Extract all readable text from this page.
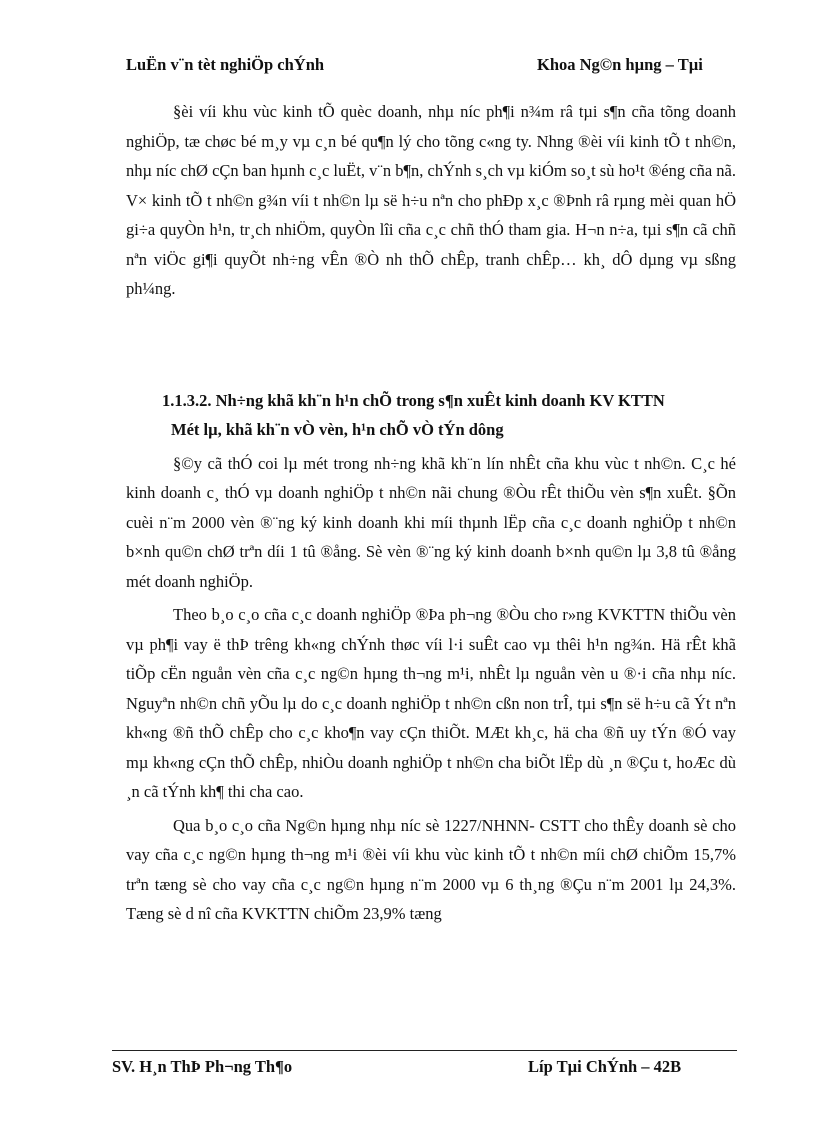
LuËn v¨n tèt nghiÖp chÝnh	Khoa Ng©n hµng – Tµi

§èi víi khu vùc kinh tÕ quèc doanh, nhµ níc ph¶i n¾m râ tµi s¶n cña tõng doanh nghiÖp, tæ chøc bé m¸y vµ c¸n bé qu¶n lý cho tõng c«ng ty. Nhng ®èi víi kinh tÕ t nh©n, nhµ níc chØ cÇn ban hµnh c¸c luËt, v¨n b¶n, chÝnh s¸ch vµ kiÓm so¸t sù ho¹t ®éng cña nã. V× kinh tÕ t nh©n g¾n víi t nh©n lµ së h÷u nªn cho phÐp x¸c ®Þnh râ rµng mèi quan hÖ gi÷a quyÒn h¹n, tr¸ch nhiÖm, quyÒn lîi cña c¸c chñ thÓ tham gia. H¬n n÷a, tµi s¶n cã chñ nªn viÖc gi¶i quyÕt nh÷ng vÊn ®Ò nh thÕ chÊp, tranh chÊp… kh¸ dÔ dµng vµ sßng ph¼ng.

1.1.3.2. Nh÷ng khã kh¨n h¹n chÕ trong s¶n xuÊt kinh doanh KV KTTN

Mét lµ, khã kh¨n vÒ vèn, h¹n chÕ vÒ tÝn dông

§©y cã thÓ coi lµ mét trong nh÷ng khã kh¨n lín nhÊt cña khu vùc t nh©n. C¸c hé kinh doanh c¸ thÓ vµ doanh nghiÖp t nh©n nãi chung ®Òu rÊt thiÕu vèn s¶n xuÊt. §Õn cuèi n¨m 2000 vèn ®¨ng ký kinh doanh khi míi thµnh lËp cña c¸c doanh nghiÖp t nh©n b×nh qu©n chØ trªn díi 1 tû ®ång. Sè vèn ®¨ng ký kinh doanh b×nh qu©n lµ 3,8 tû ®ång mét doanh nghiÖp.

Theo b¸o c¸o cña c¸c doanh nghiÖp ®Þa ph¬ng ®Òu cho r»ng KVKTTN thiÕu vèn vµ ph¶i vay ë thÞ trêng kh«ng chÝnh thøc víi l·i suÊt cao vµ thêi h¹n ng¾n. Hä rÊt khã tiÕp cËn nguån vèn cña c¸c ng©n hµng th¬ng m¹i, nhÊt lµ nguån vèn u ®·i cña nhµ níc. Nguyªn nh©n chñ yÕu lµ do c¸c doanh nghiÖp t nh©n cßn non trÎ, tµi s¶n së h÷u cã Ýt nªn kh«ng ®ñ thÕ chÊp cho c¸c kho¶n vay cÇn thiÕt. MÆt kh¸c, hä cha ®ñ uy tÝn ®Ó vay mµ kh«ng cÇn thÕ chÊp, nhiÒu doanh nghiÖp t nh©n cha biÕt lËp dù ¸n ®Çu t, hoÆc dù ¸n cã tÝnh kh¶ thi cha cao.

Qua b¸o c¸o cña Ng©n hµng nhµ níc sè 1227/NHNN- CSTT cho thÊy doanh sè cho vay cña c¸c ng©n hµng th¬ng m¹i ®èi víi khu vùc kinh tÕ t nh©n míi chØ chiÕm 15,7% trªn tæng sè cho vay cña c¸c ng©n hµng n¨m 2000 vµ 6 th¸ng ®Çu n¨m 2001 lµ 24,3%. Tæng sè d nî cña KVKTTN chiÕm 23,9% tæng

SV. H¸n ThÞ Ph¬ng Th¶o	Líp Tµi ChÝnh – 42B
